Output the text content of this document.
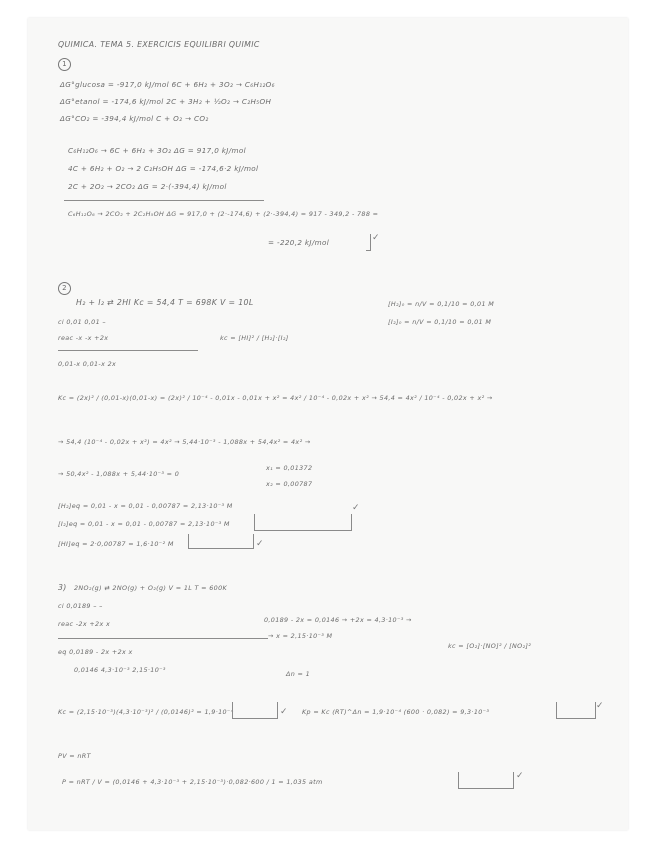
QUIMICA. TEMA 5. EXERCICIS EQUILIBRI QUIMIC
1
ΔG°glucosa = -917,0 kJ/mol 6C + 6H₂ + 3O₂ → C₆H₁₂O₆
ΔG°etanol = -174,6 kJ/mol 2C + 3H₂ + ½O₂ → C₂H₅OH
ΔG°CO₂ = -394,4 kJ/mol C + O₂ → CO₂
C₆H₁₂O₆ → 6C + 6H₂ + 3O₂ ΔG = 917,0 kJ/mol
4C + 6H₂ + O₂ → 2 C₂H₅OH ΔG = -174,6·2 kJ/mol
2C + 2O₂ → 2CO₂ ΔG = 2·(-394,4) kJ/mol
C₆H₁₂O₆ → 2CO₂ + 2C₂H₅OH ΔG = 917,0 + (2·-174,6) + (2·-394,4) = 917 - 349,2 - 788 =
= -220,2 kJ/mol	✓
2
H₂ + I₂ ⇄ 2HI Kc = 54,4 T = 698K V = 10L	[H₂]₀ = n/V = 0,1/10 = 0,01 M
[I₂]₀ = n/V = 0,1/10 = 0,01 M
ci 0,01 0,01 –
reac -x -x +2x	kc = [HI]² / [H₂]·[I₂]
0,01-x 0,01-x 2x
Kc = (2x)² / (0,01-x)(0,01-x) = (2x)² / 10⁻⁴ - 0,01x - 0,01x + x² = 4x² / 10⁻⁴ - 0,02x + x² → 54,4 = 4x² / 10⁻⁴ - 0,02x + x² →
→ 54,4 (10⁻⁴ - 0,02x + x²) = 4x² → 5,44·10⁻³ - 1,088x + 54,4x² = 4x² →
→ 50,4x² - 1,088x + 5,44·10⁻³ = 0
x₁ = 0,01372
x₂ = 0,00787
[H₂]eq = 0,01 - x = 0,01 - 0,00787 = 2,13·10⁻³ M
[I₂]eq = 0,01 - x = 0,01 - 0,00787 = 2,13·10⁻³ M
✓
[HI]eq = 2·0,00787 = 1,6·10⁻² M	✓
3) 2NO₂(g) ⇄ 2NO(g) + O₂(g) V = 1L T = 600K
ci 0,0189 – –
0,0189 - 2x = 0,0146 → +2x = 4,3·10⁻³ →
reac -2x +2x x
→ x = 2,15·10⁻³ M
kc = [O₂]·[NO]² / [NO₂]²
eq 0,0189 - 2x +2x x
0,0146 4,3·10⁻³ 2,15·10⁻³	Δn = 1
Kc = (2,15·10⁻³)(4,3·10⁻³)² / (0,0146)² = 1,9·10⁻⁴	✓ Kp = Kc (RT)^Δn = 1,9·10⁻⁴ (600 · 0,082) = 9,3·10⁻³
✓
PV = nRT
P = nRT / V = (0,0146 + 4,3·10⁻³ + 2,15·10⁻³)·0,082·600 / 1 = 1,035 atm
✓
